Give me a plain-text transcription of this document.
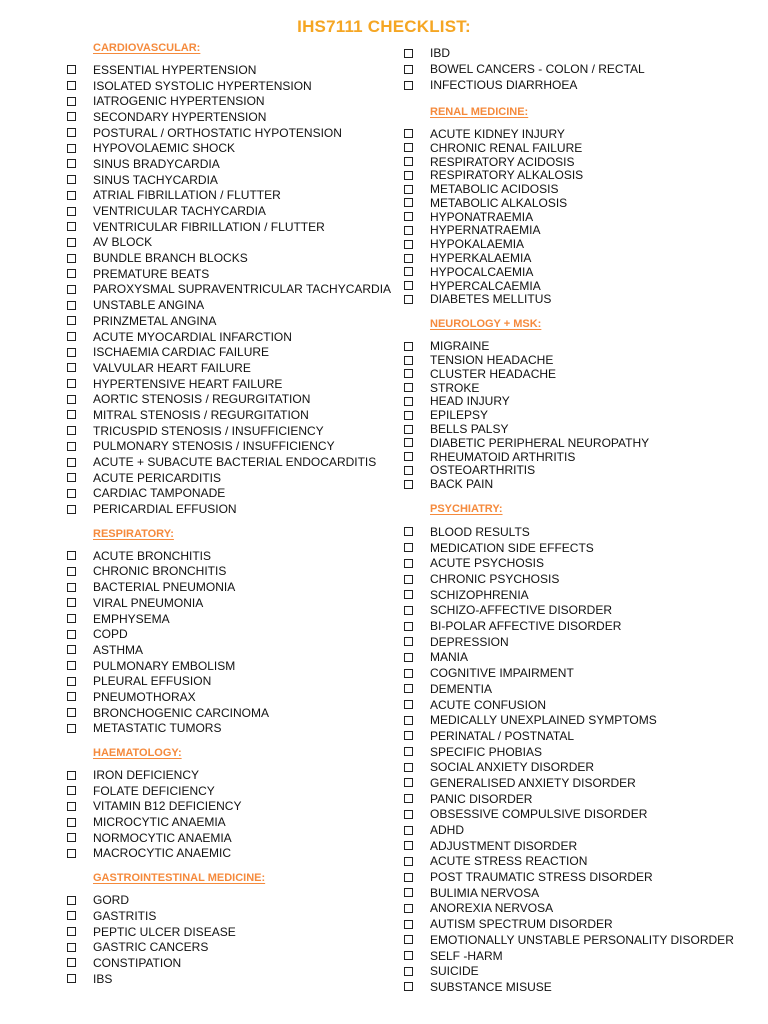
IHS7111 CHECKLIST:
CARDIOVASCULAR:
ESSENTIAL HYPERTENSION
ISOLATED SYSTOLIC HYPERTENSION
IATROGENIC HYPERTENSION
SECONDARY HYPERTENSION
POSTURAL / ORTHOSTATIC HYPOTENSION
HYPOVOLAEMIC SHOCK
SINUS BRADYCARDIA
SINUS TACHYCARDIA
ATRIAL FIBRILLATION / FLUTTER
VENTRICULAR TACHYCARDIA
VENTRICULAR FIBRILLATION / FLUTTER
AV BLOCK
BUNDLE BRANCH BLOCKS
PREMATURE BEATS
PAROXYSMAL SUPRAVENTRICULAR TACHYCARDIA
UNSTABLE ANGINA
PRINZMETAL ANGINA
ACUTE MYOCARDIAL INFARCTION
ISCHAEMIA CARDIAC FAILURE
VALVULAR HEART FAILURE
HYPERTENSIVE HEART FAILURE
AORTIC STENOSIS / REGURGITATION
MITRAL STENOSIS / REGURGITATION
TRICUSPID STENOSIS / INSUFFICIENCY
PULMONARY STENOSIS / INSUFFICIENCY
ACUTE + SUBACUTE BACTERIAL ENDOCARDITIS
ACUTE PERICARDITIS
CARDIAC TAMPONADE
PERICARDIAL EFFUSION
RESPIRATORY:
ACUTE BRONCHITIS
CHRONIC BRONCHITIS
BACTERIAL PNEUMONIA
VIRAL PNEUMONIA
EMPHYSEMA
COPD
ASTHMA
PULMONARY EMBOLISM
PLEURAL EFFUSION
PNEUMOTHORAX
BRONCHOGENIC CARCINOMA
METASTATIC TUMORS
HAEMATOLOGY:
IRON DEFICIENCY
FOLATE DEFICIENCY
VITAMIN B12 DEFICIENCY
MICROCYTIC ANAEMIA
NORMOCYTIC ANAEMIA
MACROCYTIC ANAEMIC
GASTROINTESTINAL MEDICINE:
GORD
GASTRITIS
PEPTIC ULCER DISEASE
GASTRIC CANCERS
CONSTIPATION
IBS
IBD
BOWEL CANCERS - COLON / RECTAL
INFECTIOUS DIARRHOEA
RENAL MEDICINE:
ACUTE KIDNEY INJURY
CHRONIC RENAL FAILURE
RESPIRATORY ACIDOSIS
RESPIRATORY ALKALOSIS
METABOLIC ACIDOSIS
METABOLIC ALKALOSIS
HYPONATRAEMIA
HYPERNATRAEMIA
HYPOKALAEMIA
HYPERKALAEMIA
HYPOCALCAEMIA
HYPERCALCAEMIA
DIABETES MELLITUS
NEUROLOGY + MSK:
MIGRAINE
TENSION HEADACHE
CLUSTER HEADACHE
STROKE
HEAD INJURY
EPILEPSY
BELLS PALSY
DIABETIC PERIPHERAL NEUROPATHY
RHEUMATOID ARTHRITIS
OSTEOARTHRITIS
BACK PAIN
PSYCHIATRY:
BLOOD RESULTS
MEDICATION SIDE EFFECTS
ACUTE PSYCHOSIS
CHRONIC PSYCHOSIS
SCHIZOPHRENIA
SCHIZO-AFFECTIVE DISORDER
BI-POLAR AFFECTIVE DISORDER
DEPRESSION
MANIA
COGNITIVE IMPAIRMENT
DEMENTIA
ACUTE CONFUSION
MEDICALLY UNEXPLAINED SYMPTOMS
PERINATAL / POSTNATAL
SPECIFIC PHOBIAS
SOCIAL ANXIETY DISORDER
GENERALISED ANXIETY DISORDER
PANIC DISORDER
OBSESSIVE COMPULSIVE DISORDER
ADHD
ADJUSTMENT DISORDER
ACUTE STRESS REACTION
POST TRAUMATIC STRESS DISORDER
BULIMIA NERVOSA
ANOREXIA NERVOSA
AUTISM SPECTRUM DISORDER
EMOTIONALLY UNSTABLE PERSONALITY DISORDER
SELF -HARM
SUICIDE
SUBSTANCE MISUSE
